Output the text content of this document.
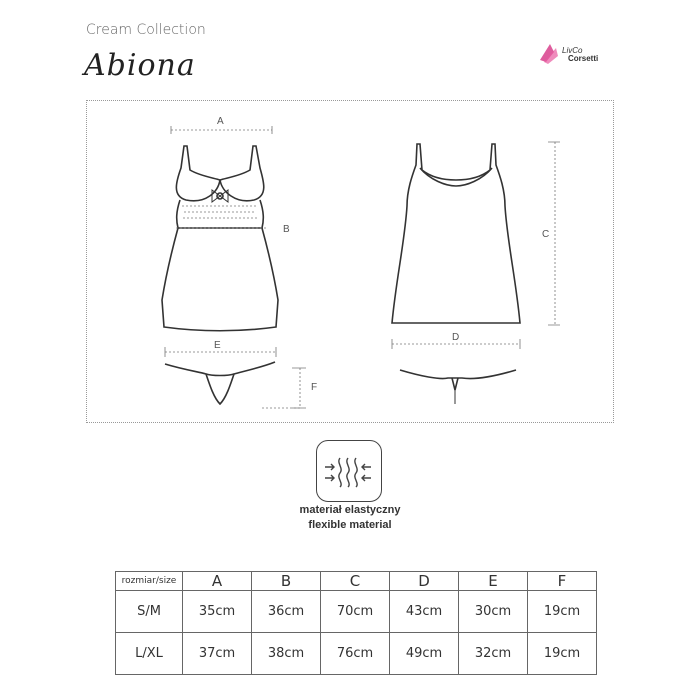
Cream Collection
Abiona	LivCo
Corsetti
A
B	C
D
E
F
materiał elastyczny
flexible material
rozmiar/size	A	B	C	D	E	F
S/M	35cm	36cm	70cm	43cm	30cm	19cm
L/XL	37cm	38cm	76cm	49cm	32cm	19cm
